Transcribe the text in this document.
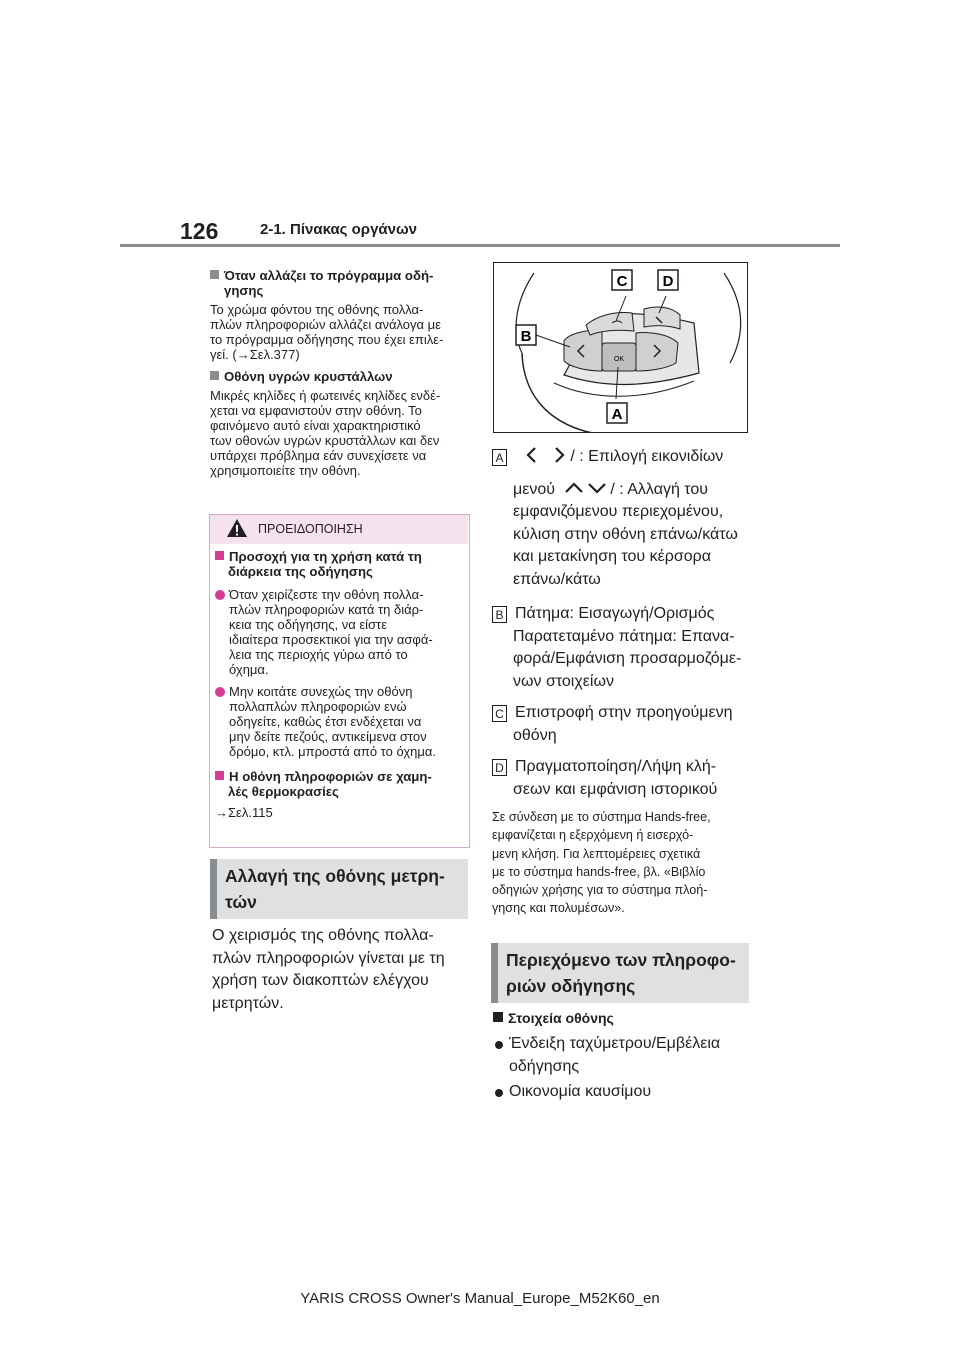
126	2-1. Πίνακας οργάνων
Όταν αλλάζει το πρόγραμμα οδή-
γησης
Το χρώμα φόντου της οθόνης πολλα-
πλών πληροφοριών αλλάζει ανάλογα με
το πρόγραμμα οδήγησης που έχει επιλε-
γεί. (→Σελ.377)
Οθόνη υγρών κρυστάλλων
Μικρές κηλίδες ή φωτεινές κηλίδες ενδέ-
χεται να εμφανιστούν στην οθόνη. Το
φαινόμενο αυτό είναι χαρακτηριστικό
των οθονών υγρών κρυστάλλων και δεν
υπάρχει πρόβλημα εάν συνεχίσετε να
χρησιμοποιείτε την οθόνη.
ΠΡΟΕΙΔΟΠΟΙΗΣΗ
Προσοχή για τη χρήση κατά τη
διάρκεια της οδήγησης
Όταν χειρίζεστε την οθόνη πολλα-
πλών πληροφοριών κατά τη διάρ-
κεια της οδήγησης, να είστε
ιδιαίτερα προσεκτικοί για την ασφά-
λεια της περιοχής γύρω από το
όχημα.
Μην κοιτάτε συνεχώς την οθόνη
πολλαπλών πληροφοριών ενώ
οδηγείτε, καθώς έτσι ενδέχεται να
μην δείτε πεζούς, αντικείμενα στον
δρόμο, κτλ. μπροστά από το όχημα.
Η οθόνη πληροφοριών σε χαμη-
λές θερμοκρασίες
→Σελ.115
Αλλαγή της οθόνης μετρη-
τών
Ο χειρισμός της οθόνης πολλα-
πλών πληροφοριών γίνεται με τη
χρήση των διακοπτών ελέγχου
μετρητών.
OK
C D
B
A
A	/ : Επιλογή εικονιδίων
μενού	/ : Αλλαγή του
εμφανιζόμενου περιεχομένου,
κύλιση στην οθόνη επάνω/κάτω
και μετακίνηση του κέρσορα
επάνω/κάτω
B Πάτημα: Εισαγωγή/Ορισμός
Παρατεταμένο πάτημα: Επανα-
φορά/Εμφάνιση προσαρμοζόμε-
νων στοιχείων
C Επιστροφή στην προηγούμενη
οθόνη
D Πραγματοποίηση/Λήψη κλή-
σεων και εμφάνιση ιστορικού
Σε σύνδεση με το σύστημα Hands-free,
εμφανίζεται η εξερχόμενη ή εισερχό-
μενη κλήση. Για λεπτομέρειες σχετικά
με το σύστημα hands-free, βλ. «Βιβλίο
οδηγιών χρήσης για το σύστημα πλοή-
γησης και πολυμέσων».
Περιεχόμενο των πληροφο-
ριών οδήγησης
Στοιχεία οθόνης
Ένδειξη ταχύμετρου/Εμβέλεια
οδήγησης
Οικονομία καυσίμου
YARIS CROSS Owner's Manual_Europe_M52K60_en
